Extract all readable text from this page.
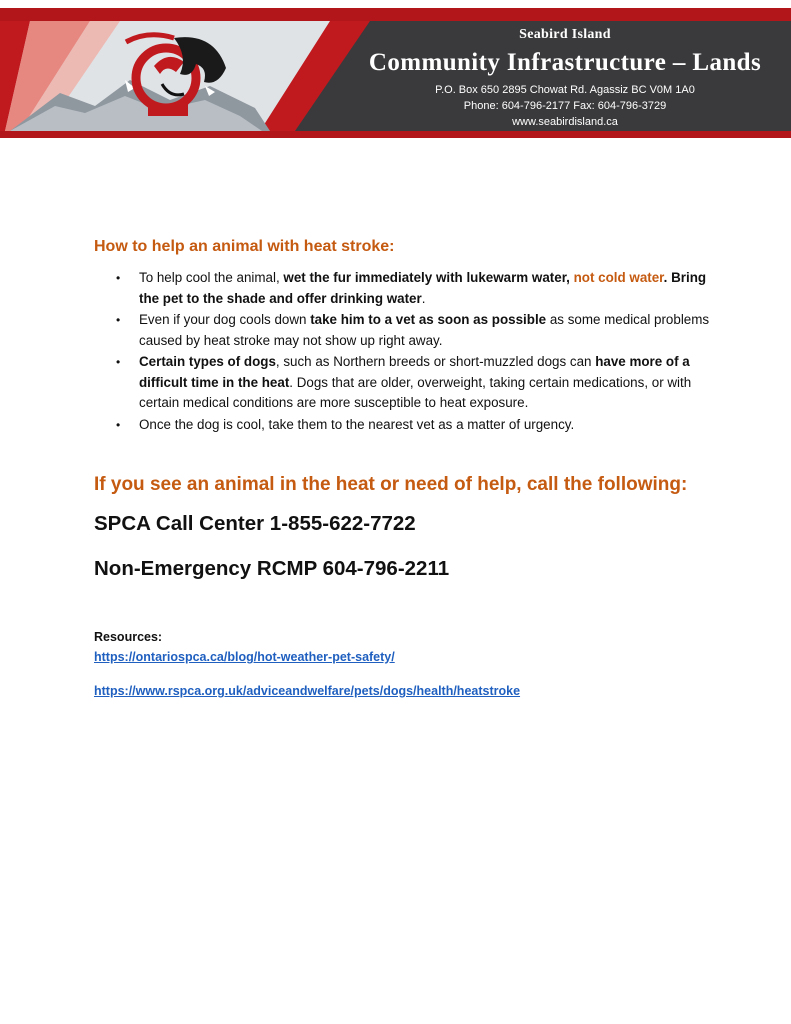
Seabird Island
Community Infrastructure – Lands
P.O. Box 650 2895 Chowat Rd. Agassiz BC V0M 1A0
Phone: 604-796-2177 Fax: 604-796-3729
www.seabirdisland.ca
How to help an animal with heat stroke:
• To help cool the animal, wet the fur immediately with lukewarm water, not cold water. Bring the pet to the shade and offer drinking water.
• Even if your dog cools down take him to a vet as soon as possible as some medical problems caused by heat stroke may not show up right away.
• Certain types of dogs, such as Northern breeds or short-muzzled dogs can have more of a difficult time in the heat. Dogs that are older, overweight, taking certain medications, or with certain medical conditions are more susceptible to heat exposure.
• Once the dog is cool, take them to the nearest vet as a matter of urgency.
If you see an animal in the heat or need of help, call the following:
SPCA Call Center 1-855-622-7722
Non-Emergency RCMP 604-796-2211
Resources:
https://ontariospca.ca/blog/hot-weather-pet-safety/
https://www.rspca.org.uk/adviceandwelfare/pets/dogs/health/heatstroke
